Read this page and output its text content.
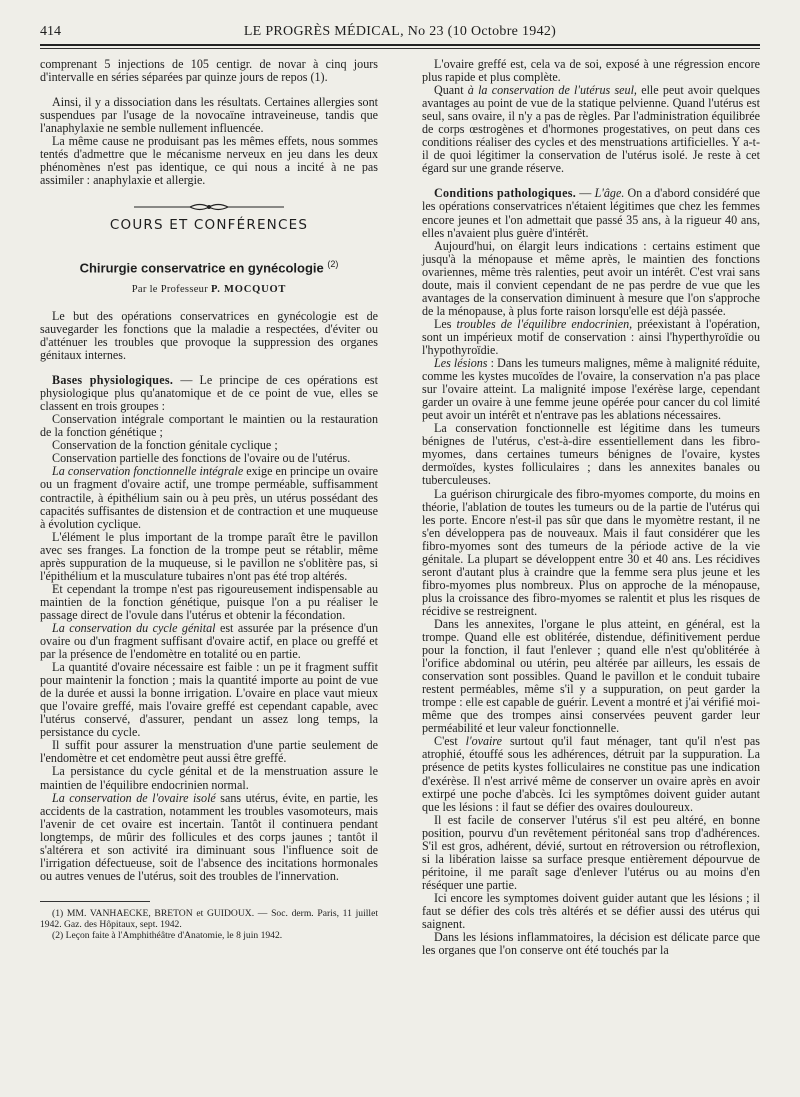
414	LE PROGRÈS MÉDICAL, No 23 (10 Octobre 1942)

comprenant 5 injections de 105 centigr. de novar à cinq jours d'intervalle en séries séparées par quinze jours de repos (1).

Ainsi, il y a dissociation dans les résultats. Certaines allergies sont suspendues par l'usage de la novocaïne intraveineuse, tandis que l'anaphylaxie ne semble nullement influencée.

La même cause ne produisant pas les mêmes effets, nous sommes tentés d'admettre que le mécanisme nerveux en jeu dans les deux phénomènes n'est pas identique, ce qui nous a incité à ne pas assimiler : anaphylaxie et allergie.

COURS ET CONFÉRENCES
Chirurgie conservatrice en gynécologie $^{(2)}$
Par le Professeur P. MOCQUOT

Le but des opérations conservatrices en gynécologie est de sauvegarder les fonctions que la maladie a respectées, d'éviter ou d'atténuer les troubles que provoque la suppression des organes génitaux internes.

Bases physiologiques. — Le principe de ces opérations est physiologique plus qu'anatomique et de ce point de vue, elles se classent en trois groupes :

Conservation intégrale comportant le maintien ou la restauration de la fonction génétique ;

Conservation de la fonction génitale cyclique ;

Conservation partielle des fonctions de l'ovaire ou de l'utérus.

La conservation fonctionnelle intégrale exige en principe un ovaire ou un fragment d'ovaire actif, une trompe perméable, suffisamment contractile, à épithélium sain ou à peu près, un utérus possédant des capacités suffisantes de distension et de contraction et une muqueuse à évolution cyclique.

L'élément le plus important de la trompe paraît être le pavillon avec ses franges. La fonction de la trompe peut se rétablir, même après suppuration de la muqueuse, si le pavillon ne s'oblitère pas, si l'épithélium et la musculature tubaires n'ont pas été trop altérés.

Et cependant la trompe n'est pas rigoureusement indispensable au maintien de la fonction génétique, puisque l'on a pu réaliser le passage direct de l'ovule dans l'utérus et obtenir la fécondation.

La conservation du cycle génital est assurée par la présence d'un ovaire ou d'un fragment suffisant d'ovaire actif, en place ou greffé et par la présence de l'endomètre en totalité ou en partie.

La quantité d'ovaire nécessaire est faible : un pe it fragment suffit pour maintenir la fonction ; mais la quantité importe au point de vue de la durée et aussi la bonne irrigation. L'ovaire en place vaut mieux que l'ovaire greffé, mais l'ovaire greffé est cependant capable, avec l'utérus conservé, d'assurer, pendant un assez long temps, la persistance du cycle.

Il suffit pour assurer la menstruation d'une partie seulement de l'endomètre et cet endomètre peut aussi être greffé.

La persistance du cycle génital et de la menstruation assure le maintien de l'équilibre endocrinien normal.

La conservation de l'ovaire isolé sans utérus, évite, en partie, les accidents de la castration, notamment les troubles vasomoteurs, mais l'avenir de cet ovaire est incertain. Tantôt il continuera pendant longtemps, de mûrir des follicules et des corps jaunes ; tantôt il s'altérera et son activité ira diminuant sous l'influence soit de l'irrigation défectueuse, soit de l'absence des incitations hormonales ou autres venues de l'utérus, soit des troubles de l'innervation.

(1) MM. VANHAECKE, BRETON et GUIDOUX. — Soc. derm. Paris, 11 juillet 1942. Gaz. des Hôpitaux, sept. 1942.

(2) Leçon faite à l'Amphithéâtre d'Anatomie, le 8 juin 1942.

L'ovaire greffé est, cela va de soi, exposé à une régression encore plus rapide et plus complète.

Quant à la conservation de l'utérus seul, elle peut avoir quelques avantages au point de vue de la statique pelvienne. Quand l'utérus est seul, sans ovaire, il n'y a pas de règles. Par l'administration équilibrée de corps œstrogènes et d'hormones progestatives, on peut dans ces conditions réaliser des cycles et des menstruations artificielles. Y a-t-il de quoi légitimer la conservation de l'utérus isolé. Je reste à cet égard sur une grande réserve.

Conditions pathologiques. — L'âge. On a d'abord considéré que les opérations conservatrices n'étaient légitimes que chez les femmes encore jeunes et l'on admettait que passé 35 ans, à la rigueur 40 ans, elles n'avaient plus guère d'intérêt.

Aujourd'hui, on élargit leurs indications : certains estiment que jusqu'à la ménopause et même après, le maintien des fonctions ovariennes, même très ralenties, peut avoir un intérêt. C'est vrai sans doute, mais il convient cependant de ne pas perdre de vue que les avantages de la conservation diminuent à mesure que l'on s'approche de la ménopause, à plus forte raison lorsqu'elle est déjà passée.

Les troubles de l'équilibre endocrinien, préexistant à l'opération, sont un impérieux motif de conservation : ainsi l'hyperthyroïdie ou l'hypothyroïdie.

Les lésions : Dans les tumeurs malignes, même à malignité réduite, comme les kystes mucoïdes de l'ovaire, la conservation n'a pas place sur l'ovaire atteint. La malignité impose l'exérèse large, cependant garder un ovaire à une femme jeune opérée pour cancer du col limité peut avoir un intérêt et n'entrave pas les ablations nécessaires.

La conservation fonctionnelle est légitime dans les tumeurs bénignes de l'utérus, c'est-à-dire essentiellement dans les fibro-myomes, dans certaines tumeurs bénignes de l'ovaire, kystes dermoïdes, kystes folliculaires ; dans les annexites banales ou tuberculeuses.

La guérison chirurgicale des fibro-myomes comporte, du moins en théorie, l'ablation de toutes les tumeurs ou de la partie de l'utérus qui les porte. Encore n'est-il pas sûr que dans le myomètre restant, il ne s'en développera pas de nouveaux. Mais il faut considérer que les fibro-myomes sont des tumeurs de la période active de la vie génitale. La plupart se développent entre 30 et 40 ans. Les récidives seront d'autant plus à craindre que la femme sera plus jeune et les fibro-myomes plus nombreux. Plus on approche de la ménopause, plus la croissance des fibro-myomes se ralentit et plus les risques de récidive se restreignent.

Dans les annexites, l'organe le plus atteint, en général, est la trompe. Quand elle est oblitérée, distendue, définitivement perdue pour la fonction, il faut l'enlever ; quand elle n'est qu'oblitérée à l'orifice abdominal ou utérin, peu altérée par ailleurs, les essais de conservation sont possibles. Quand le pavillon et le conduit tubaire restent perméables, même s'il y a suppuration, on peut garder la trompe : elle est capable de guérir. Levent a montré et j'ai vérifié moi-même que des trompes ainsi conservées peuvent garder leur perméabilité et leur valeur fonctionnelle.

C'est l'ovaire surtout qu'il faut ménager, tant qu'il n'est pas atrophié, étouffé sous les adhérences, détruit par la suppuration. La présence de petits kystes folliculaires ne constitue pas une indication d'exérèse. Il n'est arrivé même de conserver un ovaire après en avoir extirpé une poche d'abcès. Ici les symptômes doivent guider autant que les lésions : il faut se défier des ovaires douloureux.

Il est facile de conserver l'utérus s'il est peu altéré, en bonne position, pourvu d'un revêtement péritonéal sans trop d'adhérences. S'il est gros, adhérent, dévié, surtout en rétroversion ou rétroflexion, si la libération laisse sa surface presque entièrement dépourvue de péritoine, il me paraît sage d'enlever l'utérus ou au moins d'en réséquer une partie.

Ici encore les symptomes doivent guider autant que les lésions ; il faut se défier des cols très altérés et se défier aussi des utérus qui saignent.

Dans les lésions inflammatoires, la décision est délicate parce que les organes que l'on conserve ont été touchés par la
